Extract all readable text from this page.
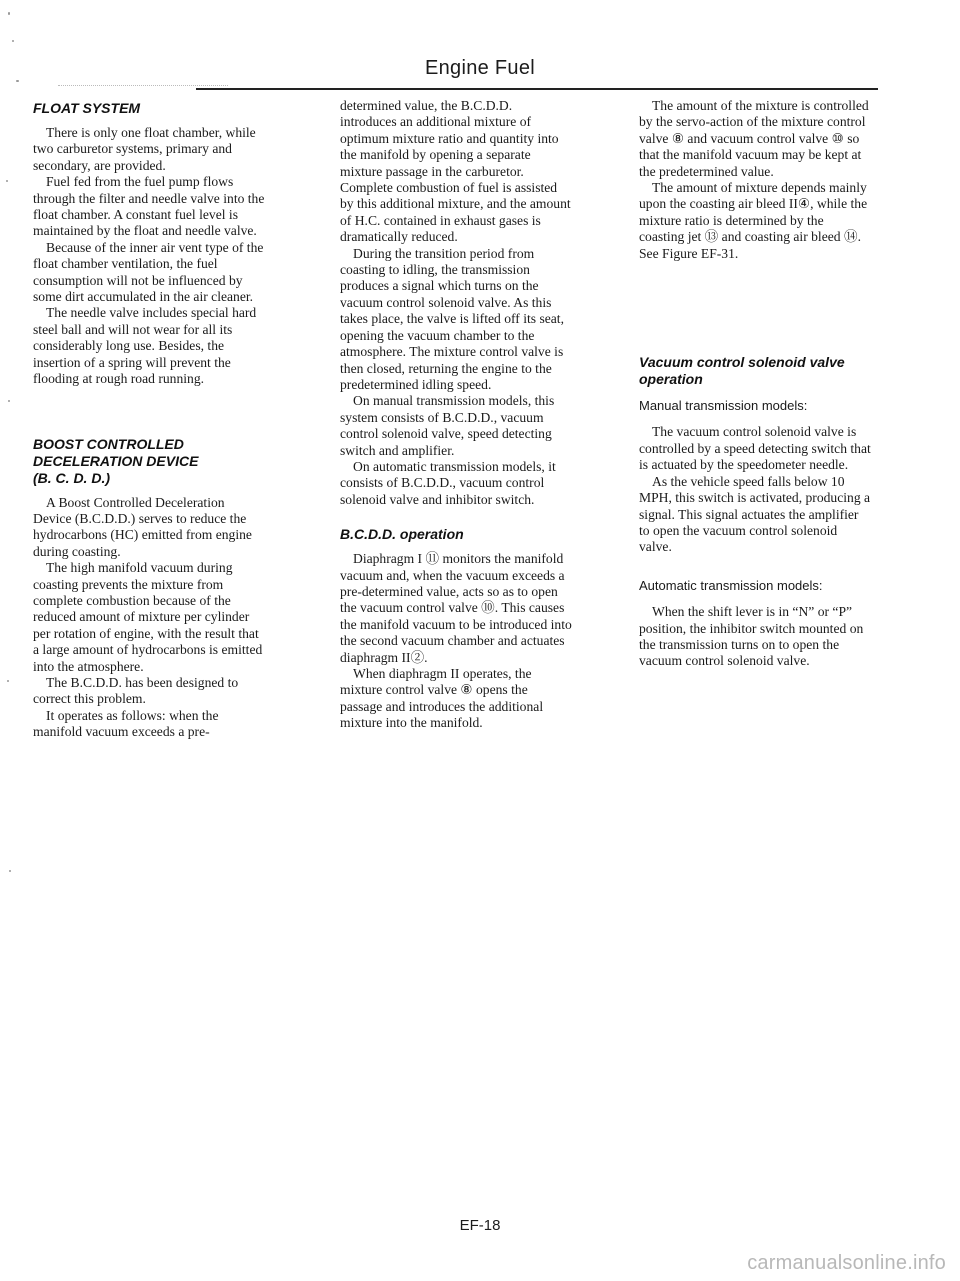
Engine Fuel
FLOAT SYSTEM

There is only one float chamber, while two carburetor systems, primary and secondary, are provided.

Fuel fed from the fuel pump flows through the filter and needle valve into the float chamber. A constant fuel level is maintained by the float and needle valve.

Because of the inner air vent type of the float chamber ventilation, the fuel consumption will not be influenced by some dirt accumulated in the air cleaner.

The needle valve includes special hard steel ball and will not wear for all its considerably long use. Besides, the insertion of a spring will prevent the flooding at rough road running.

BOOST CONTROLLED
DECELERATION DEVICE
(B. C. D. D.)

A Boost Controlled Deceleration Device (B.C.D.D.) serves to reduce the hydrocarbons (HC) emitted from engine during coasting.

The high manifold vacuum during coasting prevents the mixture from complete combustion because of the reduced amount of mixture per cylinder per rotation of engine, with the result that a large amount of hydrocarbons is emitted into the atmosphere.

The B.C.D.D. has been designed to correct this problem.

It operates as follows: when the manifold vacuum exceeds a pre-

determined value, the B.C.D.D. introduces an additional mixture of optimum mixture ratio and quantity into the manifold by opening a separate mixture passage in the carburetor. Complete combustion of fuel is assisted by this additional mixture, and the amount of H.C. contained in exhaust gases is dramatically reduced.

During the transition period from coasting to idling, the transmission produces a signal which turns on the vacuum control solenoid valve. As this takes place, the valve is lifted off its seat, opening the vacuum chamber to the atmosphere. The mixture control valve is then closed, returning the engine to the predetermined idling speed.

On manual transmission models, this system consists of B.C.D.D., vacuum control solenoid valve, speed detecting switch and amplifier.

On automatic transmission models, it consists of B.C.D.D., vacuum control solenoid valve and inhibitor switch.

B.C.D.D. operation

Diaphragm I ⑪ monitors the manifold vacuum and, when the vacuum exceeds a pre-determined value, acts so as to open the vacuum control valve ⑩. This causes the manifold vacuum to be introduced into the second vacuum chamber and actuates diaphragm II②.

When diaphragm II operates, the mixture control valve ⑧ opens the passage and introduces the additional mixture into the manifold.

The amount of the mixture is controlled by the servo-action of the mixture control valve ⑧ and vacuum control valve ⑩ so that the manifold vacuum may be kept at the predetermined value.

The amount of mixture depends mainly upon the coasting air bleed II④, while the mixture ratio is determined by the coasting jet ⑬ and coasting air bleed ⑭. See Figure EF-31.

Vacuum control solenoid valve operation
Manual transmission models:

The vacuum control solenoid valve is controlled by a speed detecting switch that is actuated by the speedometer needle.

As the vehicle speed falls below 10 MPH, this switch is activated, producing a signal. This signal actuates the amplifier to open the vacuum control solenoid valve.

Automatic transmission models:

When the shift lever is in “N” or “P” position, the inhibitor switch mounted on the transmission turns on to open the vacuum control solenoid valve.

EF-18
carmanualsonline.info
